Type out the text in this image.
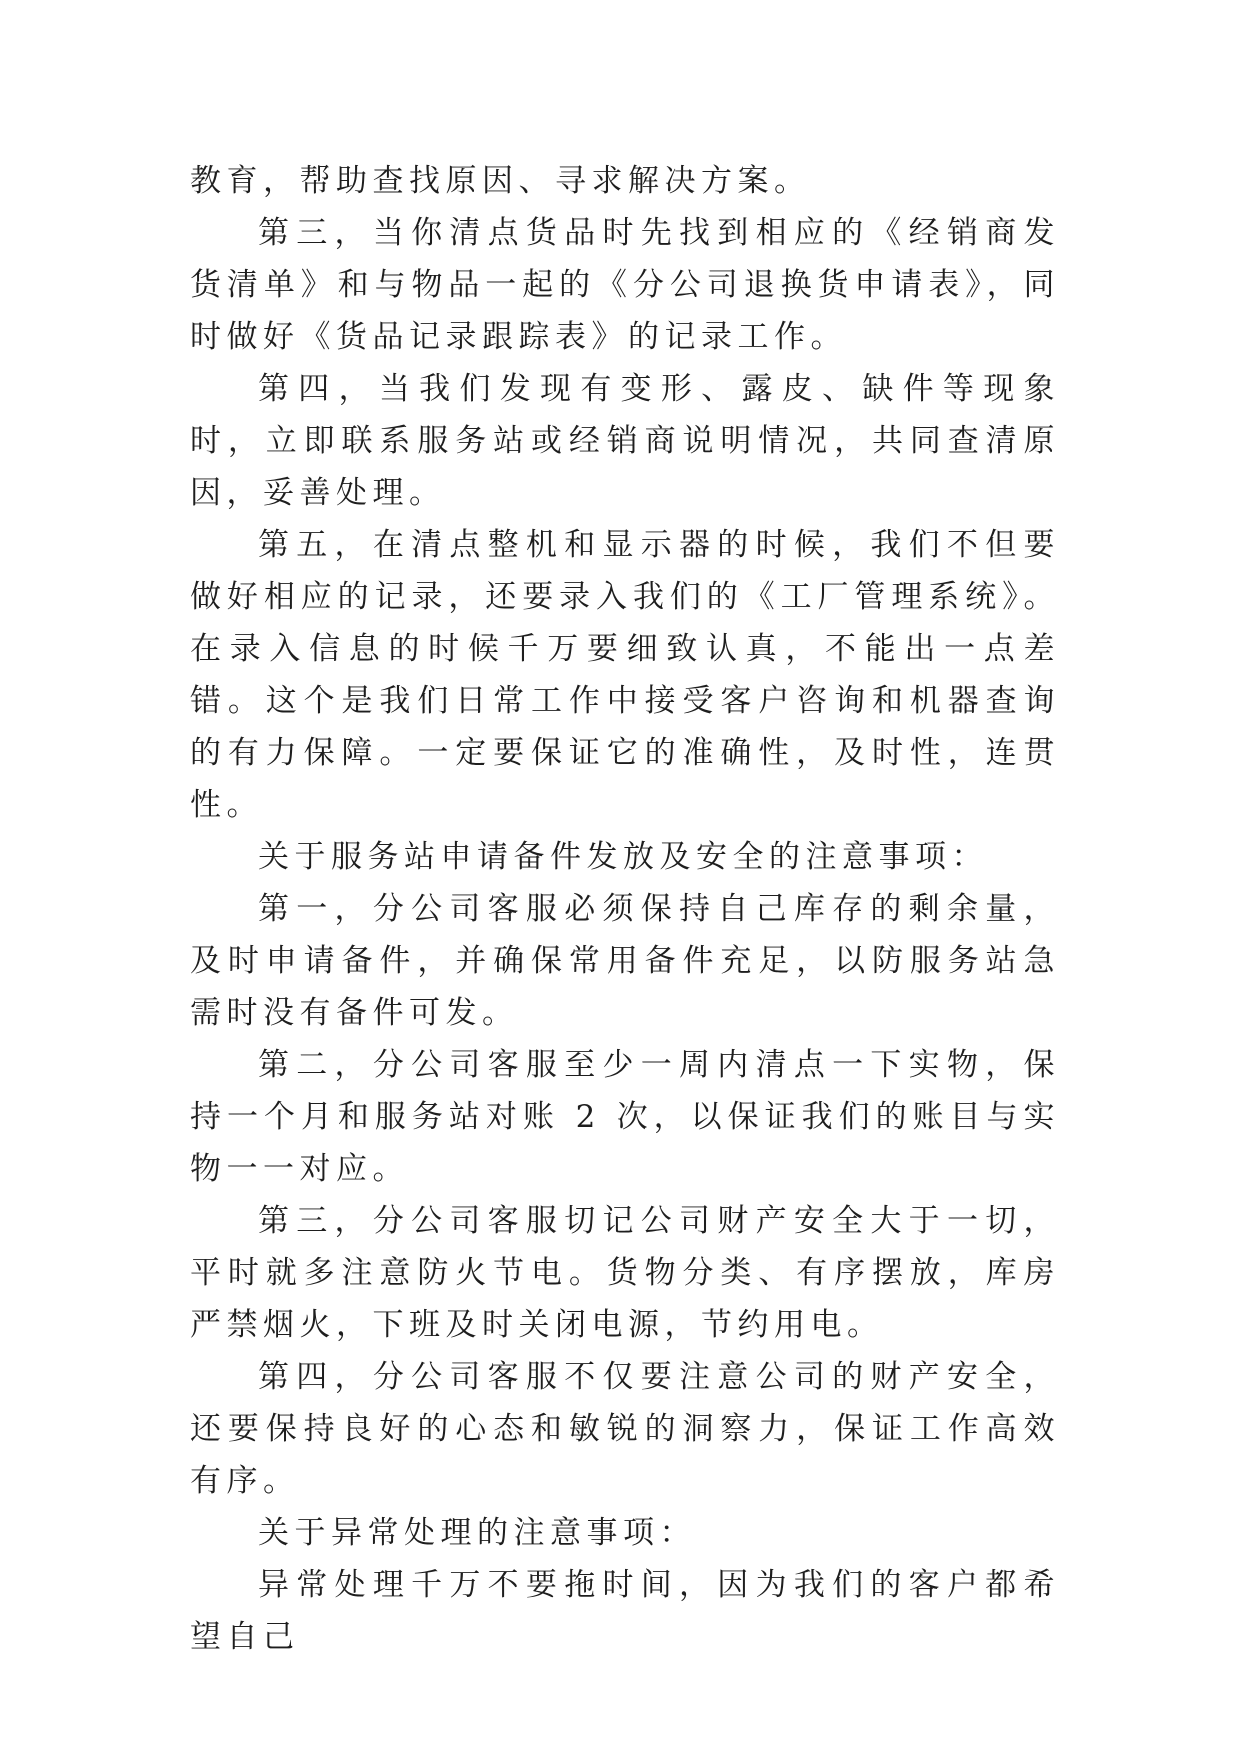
教育，帮助查找原因、寻求解决方案。

第三，当你清点货品时先找到相应的《经销商发货清单》和与物品一起的《分公司退换货申请表》，同时做好《货品记录跟踪表》的记录工作。

第四，当我们发现有变形、露皮、缺件等现象时，立即联系服务站或经销商说明情况，共同查清原因，妥善处理。

第五，在清点整机和显示器的时候，我们不但要做好相应的记录，还要录入我们的《工厂管理系统》。在录入信息的时候千万要细致认真，不能出一点差错。这个是我们日常工作中接受客户咨询和机器查询的有力保障。一定要保证它的准确性，及时性，连贯性。

关于服务站申请备件发放及安全的注意事项：

第一，分公司客服必须保持自己库存的剩余量，及时申请备件，并确保常用备件充足，以防服务站急需时没有备件可发。

第二，分公司客服至少一周内清点一下实物，保持一个月和服务站对账 2 次，以保证我们的账目与实物一一对应。

第三，分公司客服切记公司财产安全大于一切，平时就多注意防火节电。货物分类、有序摆放，库房严禁烟火，下班及时关闭电源，节约用电。

第四，分公司客服不仅要注意公司的财产安全，还要保持良好的心态和敏锐的洞察力，保证工作高效有序。

关于异常处理的注意事项：

异常处理千万不要拖时间，因为我们的客户都希望自己
